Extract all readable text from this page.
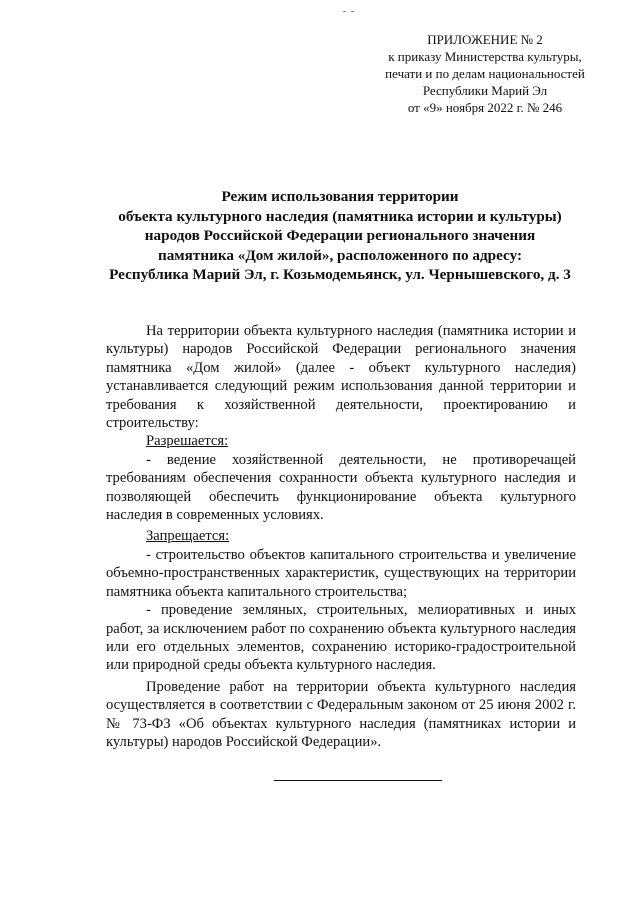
- -
ПРИЛОЖЕНИЕ № 2
к приказу Министерства культуры,
печати и по делам национальностей
Республики Марий Эл
от «9» ноября 2022 г. № 246
Режим использования территории
объекта культурного наследия (памятника истории и культуры)
народов Российской Федерации регионального значения
памятника «Дом жилой», расположенного по адресу:
Республика Марий Эл, г. Козьмодемьянск, ул. Чернышевского, д. 3

На территории объекта культурного наследия (памятника истории и культуры) народов Российской Федерации регионального значения памятника «Дом жилой» (далее - объект культурного наследия) устанавливается следующий режим использования данной территории и требования к хозяйственной деятельности, проектированию и строительству:

Разрешается:

- ведение хозяйственной деятельности, не противоречащей требованиям обеспечения сохранности объекта культурного наследия и позволяющей обеспечить функционирование объекта культурного наследия в современных условиях.

Запрещается:

- строительство объектов капитального строительства и увеличение объемно-пространственных характеристик, существующих на территории памятника объекта капитального строительства;

- проведение земляных, строительных, мелиоративных и иных работ, за исключением работ по сохранению объекта культурного наследия или его отдельных элементов, сохранению историко-градостроительной или природной среды объекта культурного наследия.

Проведение работ на территории объекта культурного наследия осуществляется в соответствии с Федеральным законом от 25 июня 2002 г. № 73-ФЗ «Об объектах культурного наследия (памятниках истории и культуры) народов Российской Федерации».
